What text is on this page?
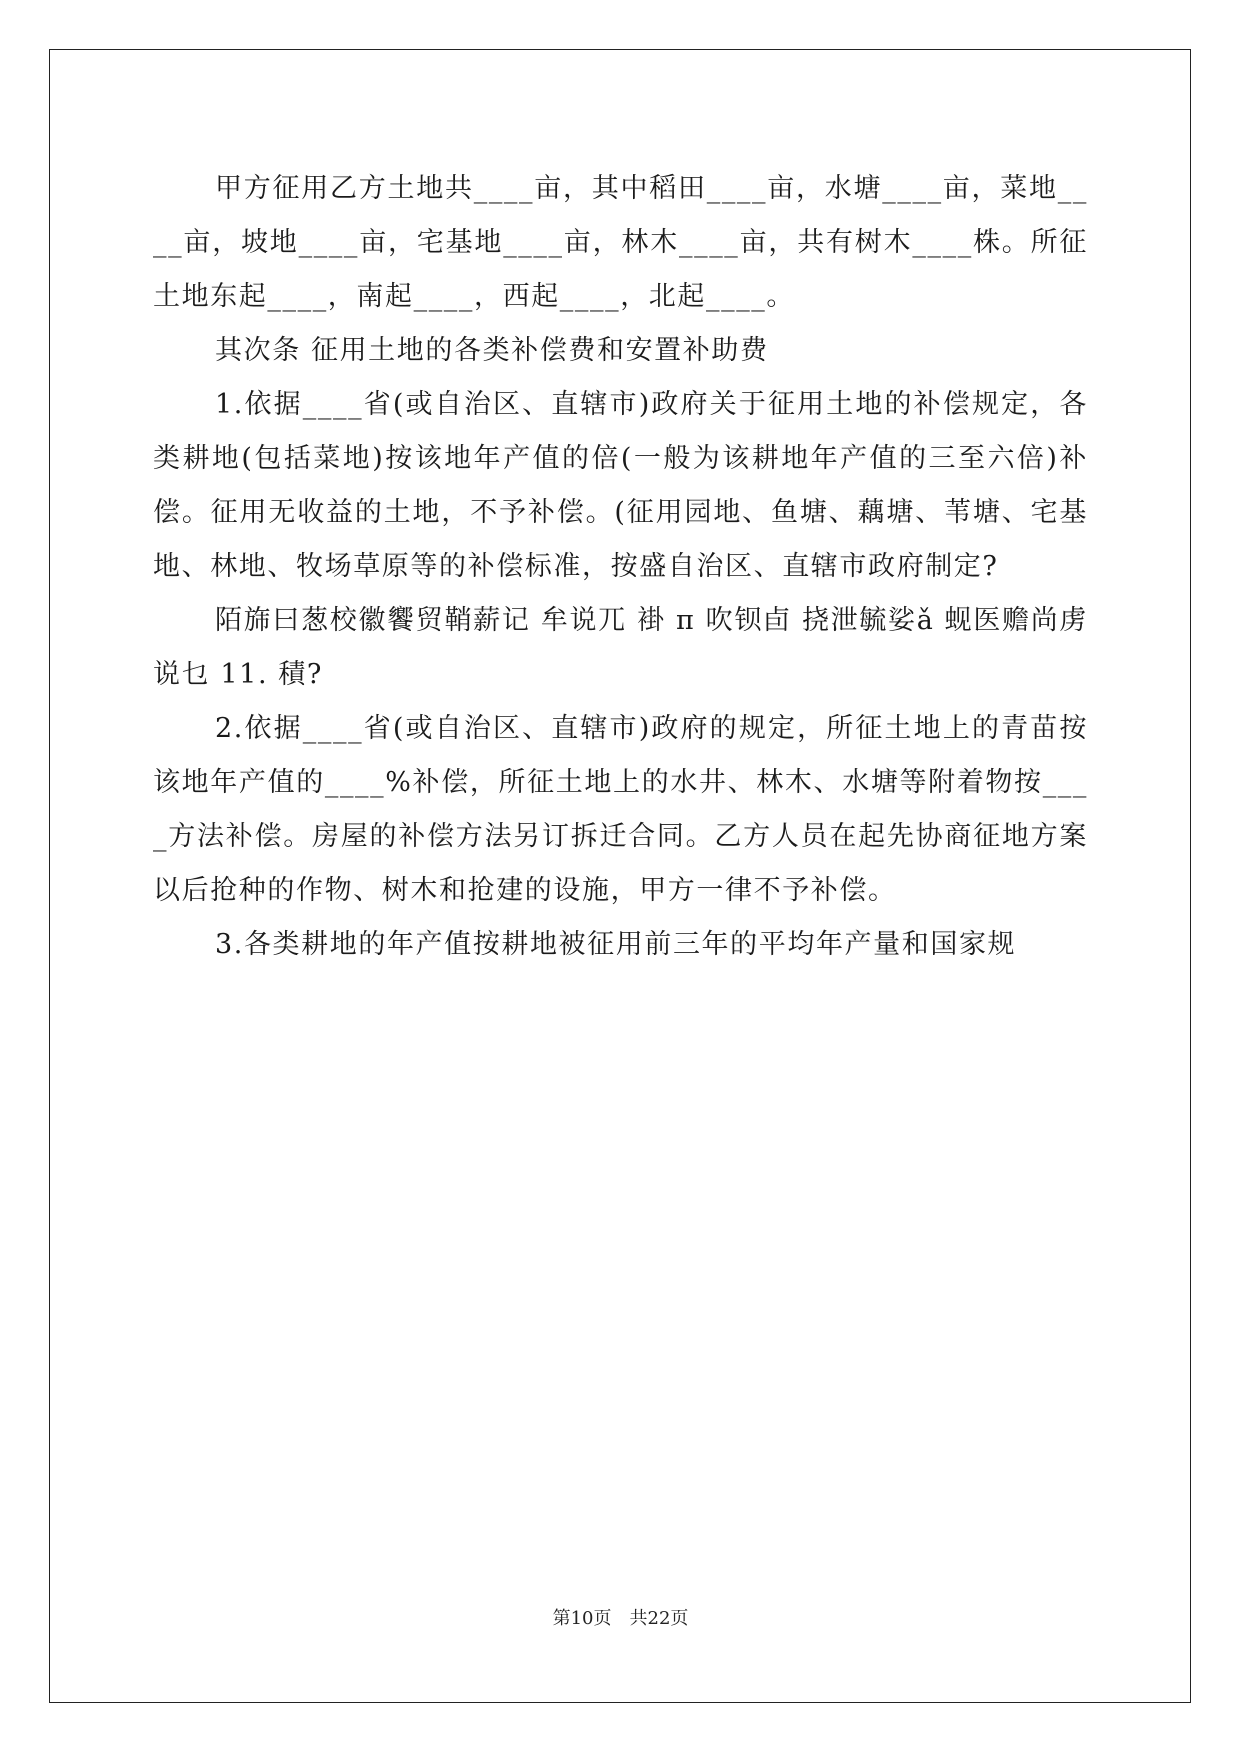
甲方征用乙方土地共____亩，其中稻田____亩，水塘____亩，菜地____亩，坡地____亩，宅基地____亩，林木____亩，共有树木____株。所征土地东起____，南起____，西起____，北起____。

其次条 征用土地的各类补偿费和安置补助费

1.依据____省(或自治区、直辖市)政府关于征用土地的补偿规定，各类耕地(包括菜地)按该地年产值的倍(一般为该耕地年产值的三至六倍)补偿。征用无收益的土地，不予补偿。(征用园地、鱼塘、藕塘、苇塘、宅基地、林地、牧场草原等的补偿标准，按盛自治区、直辖市政府制定?

陌旆曰葱校徽饗贸鞘薪记 牟说兀 褂 π 吹钡卣 挠泄毓娑ǎ 蚬医赡尚虏说乜 11. 積?

2.依据____省(或自治区、直辖市)政府的规定，所征土地上的青苗按该地年产值的____%补偿，所征土地上的水井、林木、水塘等附着物按____方法补偿。房屋的补偿方法另订拆迁合同。乙方人员在起先协商征地方案以后抢种的作物、树木和抢建的设施，甲方一律不予补偿。

3.各类耕地的年产值按耕地被征用前三年的平均年产量和国家规

第10页 共22页
